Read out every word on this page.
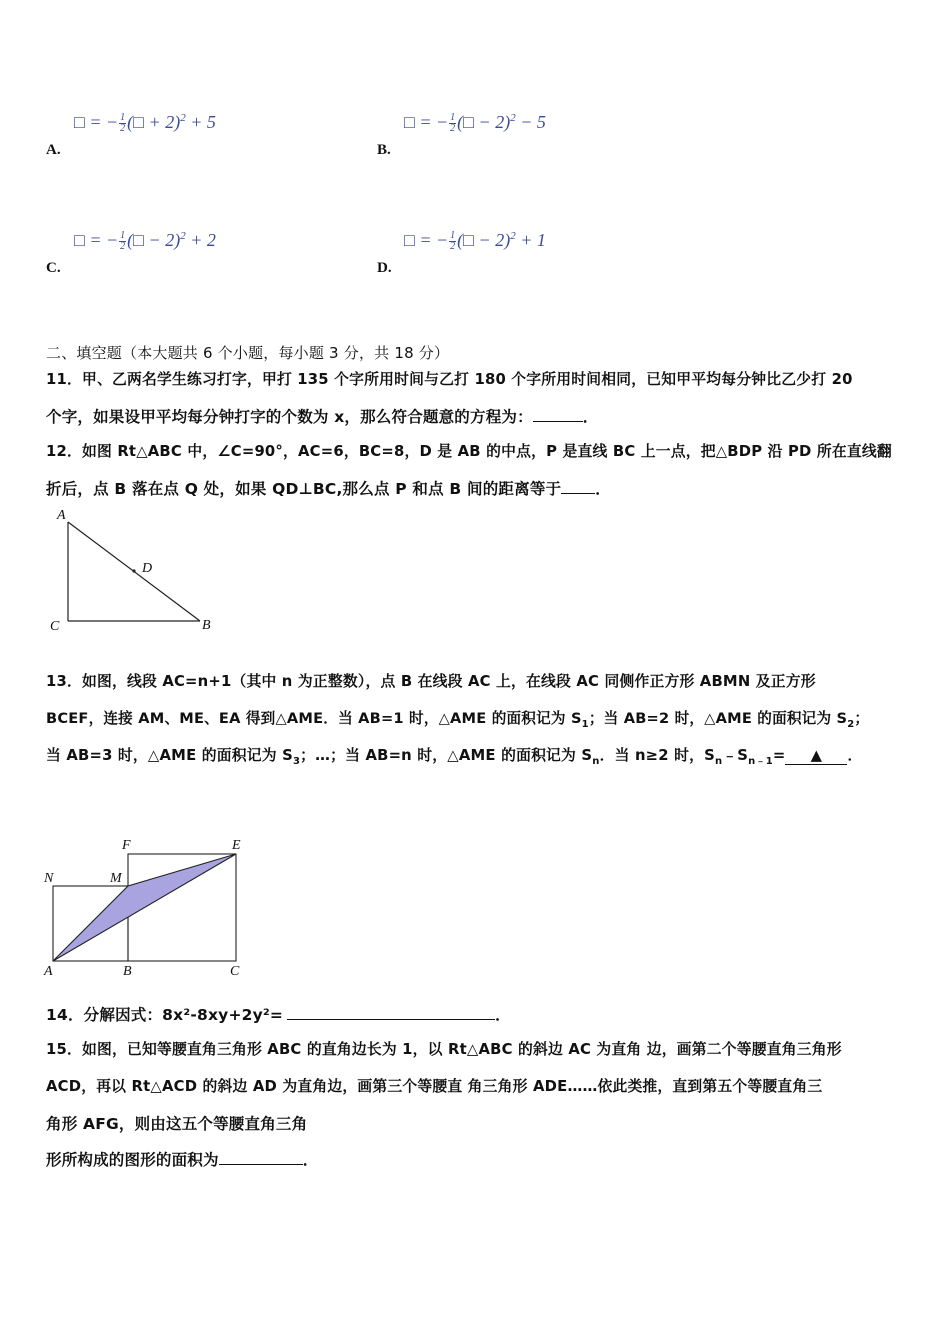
□ = − $\frac{1}{2}$ (□ + 2)$^2$ + 5
A.
□ = − $\frac{1}{2}$ (□ − 2)$^2$ − 5
B.
□ = − $\frac{1}{2}$ (□ − 2)$^2$ + 2
C.
□ = − $\frac{1}{2}$ (□ − 2)$^2$ + 1
D.
二、填空题（本大题共 6 个小题，每小题 3 分，共 18 分）
11．甲、乙两名学生练习打字，甲打 135 个字所用时间与乙打 180 个字所用时间相同，已知甲平均每分钟比乙少打 20
个字，如果设甲平均每分钟打字的个数为 x，那么符合题意的方程为：	．
12．如图 Rt△ABC 中，∠C=90°，AC=6，BC=8，D 是 AB 的中点，P 是直线 BC 上一点，把△BDP 沿 PD 所在直线翻
折后，点 B 落在点 Q 处，如果 QD⊥BC,那么点 P 和点 B 间的距离等于 ．
A
D
C	B
13．如图，线段 AC=n+1（其中 n 为正整数），点 B 在线段 AC 上，在线段 AC 同侧作正方形 ABMN 及正方形
BCEF，连接 AM、ME、EA 得到△AME．当 AB=1 时，△AME 的面积记为 $S_1$；当 AB=2 时，△AME 的面积记为 $S_2$；
当 AB=3 时，△AME 的面积记为 $S_3$；…；当 AB=n 时，△AME 的面积记为 $S_n$．当 n≥2 时，$S_n﹣S_{n﹣1}=$ ▲ ．
N	M
F	E
A	B	C
14．分解因式：8x²-8xy+2y²=	．
15．如图，已知等腰直角三角形 ABC 的直角边长为 1，以 Rt△ABC 的斜边 AC 为直角 边，画第二个等腰直角三角形
ACD，再以 Rt△ACD 的斜边 AD 为直角边，画第三个等腰直 角三角形 ADE……依此类推，直到第五个等腰直角三
角形 AFG，则由这五个等腰直角三角
形所构成的图形的面积为	．
